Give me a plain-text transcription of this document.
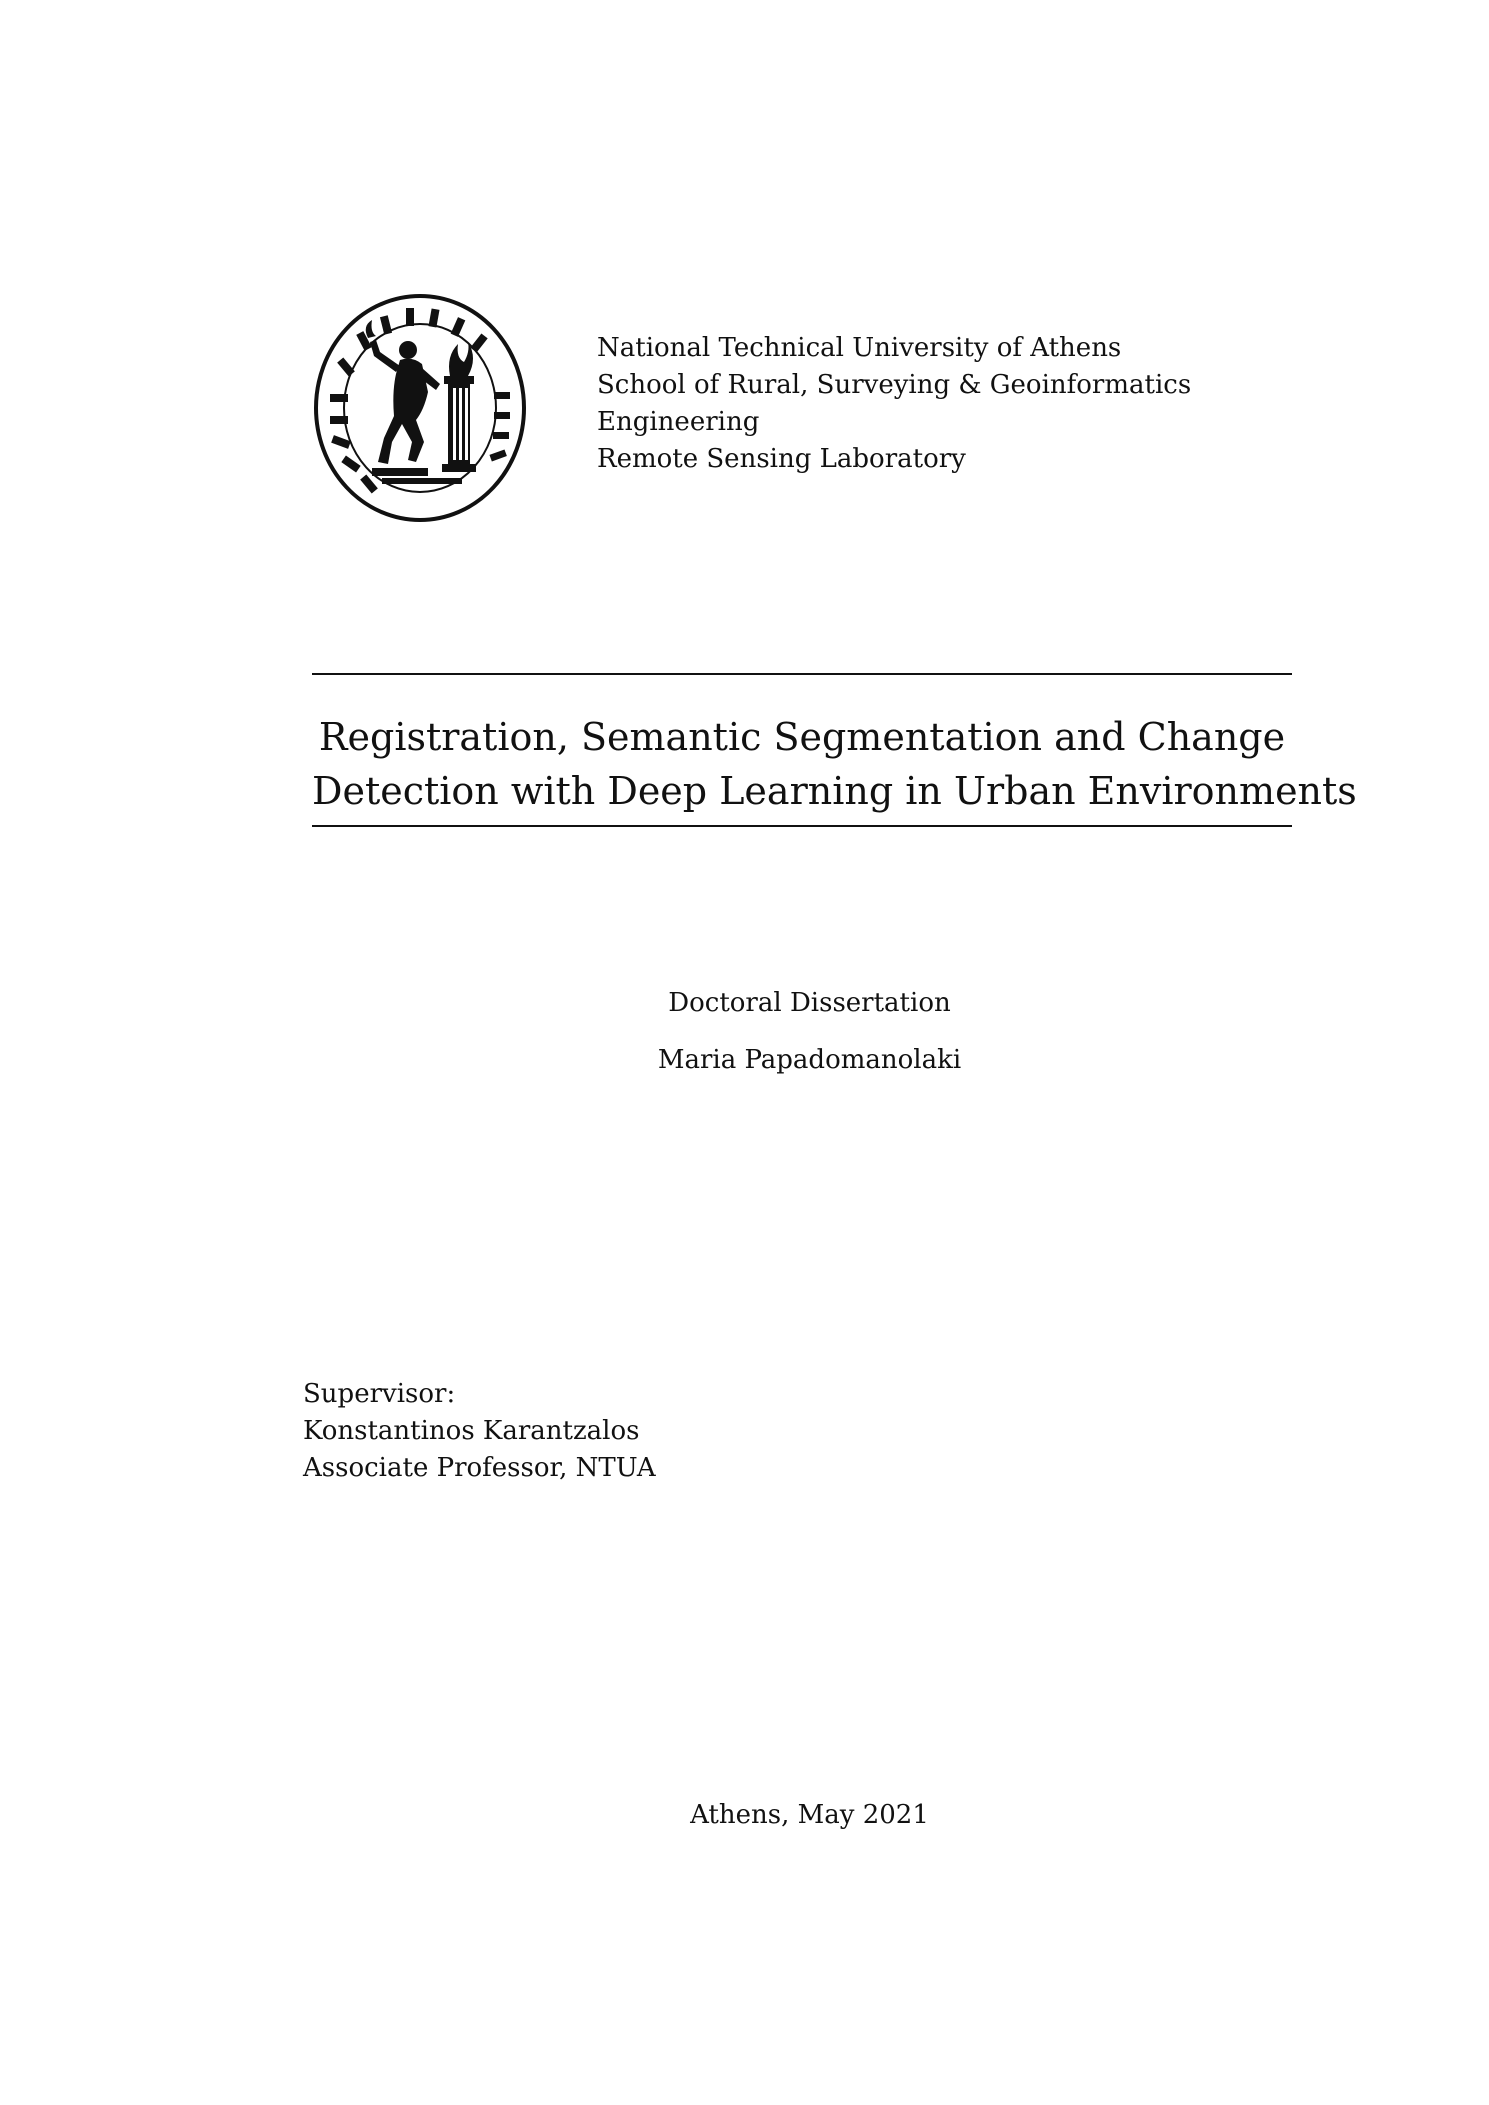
National Technical University of Athens
School of Rural, Surveying & Geoinformatics
Engineering
Remote Sensing Laboratory
Registration, Semantic Segmentation and Change
Detection with Deep Learning in Urban Environments
Doctoral Dissertation
Maria Papadomanolaki
Supervisor:
Konstantinos Karantzalos
Associate Professor, NTUA
Athens, May 2021
